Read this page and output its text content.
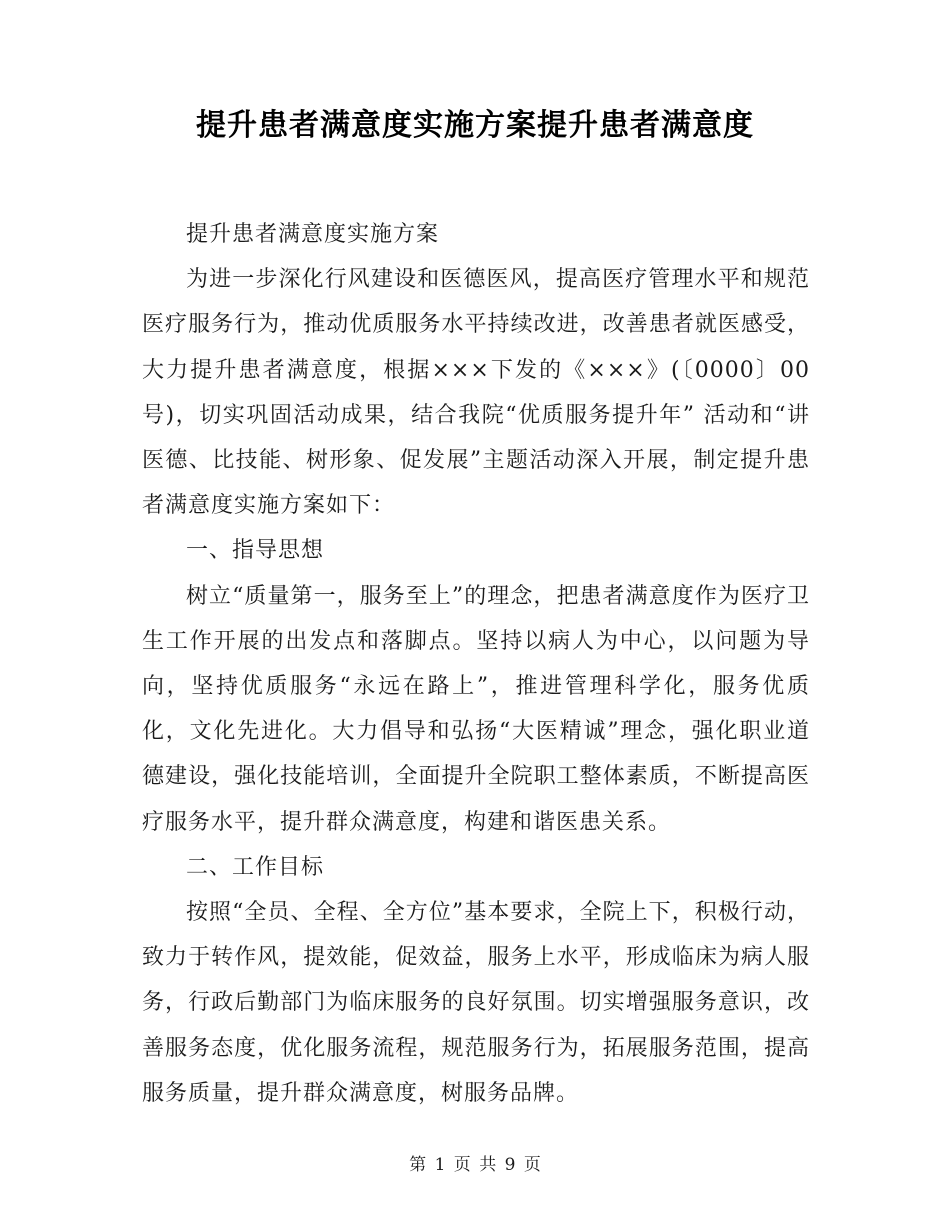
提升患者满意度实施方案提升患者满意度

提升患者满意度实施方案

为进一步深化行风建设和医德医风，提高医疗管理水平和规范医疗服务行为，推动优质服务水平持续改进，改善患者就医感受，大力提升患者满意度，根据×××下发的《×××》(〔0000〕00号)，切实巩固活动成果，结合我院“优质服务提升年” 活动和“讲医德、比技能、树形象、促发展”主题活动深入开展，制定提升患者满意度实施方案如下：

一、指导思想

树立“质量第一，服务至上”的理念，把患者满意度作为医疗卫生工作开展的出发点和落脚点。坚持以病人为中心，以问题为导向，坚持优质服务“永远在路上”，推进管理科学化，服务优质化，文化先进化。大力倡导和弘扬“大医精诚”理念，强化职业道德建设，强化技能培训，全面提升全院职工整体素质，不断提高医疗服务水平，提升群众满意度，构建和谐医患关系。

二、工作目标

按照“全员、全程、全方位”基本要求，全院上下，积极行动，致力于转作风，提效能，促效益，服务上水平，形成临床为病人服务，行政后勤部门为临床服务的良好氛围。切实增强服务意识，改善服务态度，优化服务流程，规范服务行为，拓展服务范围，提高服务质量，提升群众满意度，树服务品牌。

第 1 页 共 9 页
